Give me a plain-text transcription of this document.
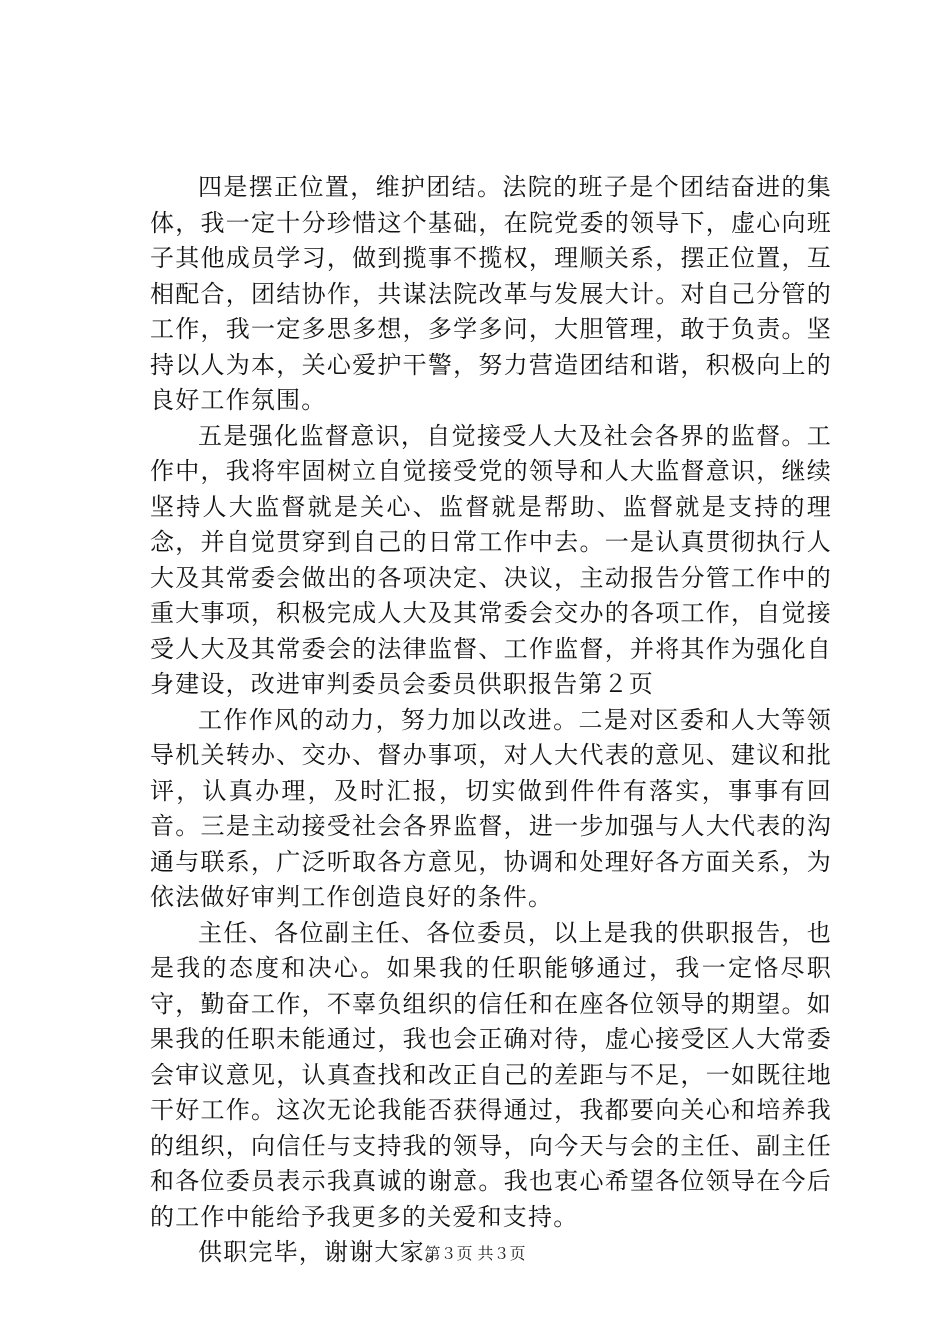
四是摆正位置，维护团结。法院的班子是个团结奋进的集体，我一定十分珍惜这个基础，在院党委的领导下，虚心向班子其他成员学习，做到揽事不揽权，理顺关系，摆正位置，互相配合，团结协作，共谋法院改革与发展大计。对自己分管的工作，我一定多思多想，多学多问，大胆管理，敢于负责。坚持以人为本，关心爱护干警，努力营造团结和谐，积极向上的良好工作氛围。

五是强化监督意识，自觉接受人大及社会各界的监督。工作中，我将牢固树立自觉接受党的领导和人大监督意识，继续坚持人大监督就是关心、监督就是帮助、监督就是支持的理念，并自觉贯穿到自己的日常工作中去。一是认真贯彻执行人大及其常委会做出的各项决定、决议，主动报告分管工作中的重大事项，积极完成人大及其常委会交办的各项工作，自觉接受人大及其常委会的法律监督、工作监督，并将其作为强化自身建设，改进审判委员会委员供职报告第２页

工作作风的动力，努力加以改进。二是对区委和人大等领导机关转办、交办、督办事项，对人大代表的意见、建议和批评，认真办理，及时汇报，切实做到件件有落实，事事有回音。三是主动接受社会各界监督，进一步加强与人大代表的沟通与联系，广泛听取各方意见，协调和处理好各方面关系，为依法做好审判工作创造良好的条件。

主任、各位副主任、各位委员，以上是我的供职报告，也是我的态度和决心。如果我的任职能够通过，我一定恪尽职守，勤奋工作，不辜负组织的信任和在座各位领导的期望。如果我的任职未能通过，我也会正确对待，虚心接受区人大常委会审议意见，认真查找和改正自己的差距与不足，一如既往地干好工作。这次无论我能否获得通过，我都要向关心和培养我的组织，向信任与支持我的领导，向今天与会的主任、副主任和各位委员表示我真诚的谢意。我也衷心希望各位领导在今后的工作中能给予我更多的关爱和支持。

供职完毕，谢谢大家。

第３页 共３页
